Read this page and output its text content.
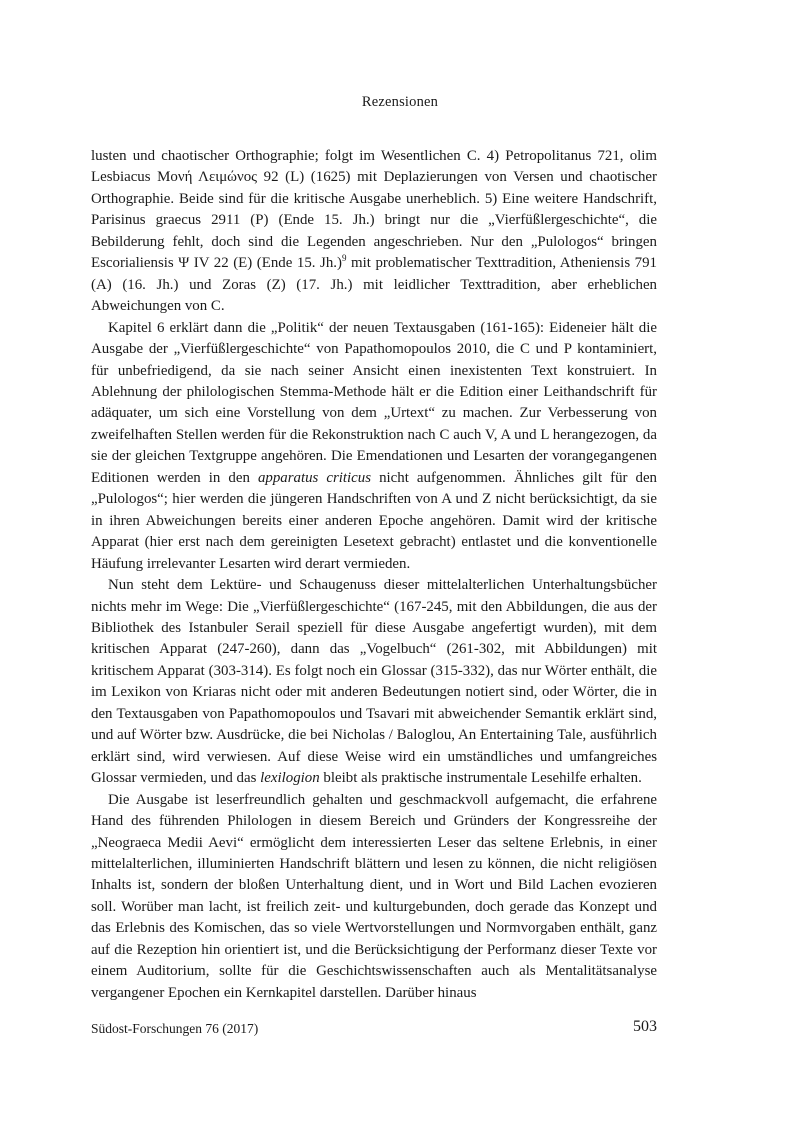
Rezensionen

lusten und chaotischer Orthographie; folgt im Wesentlichen C. 4) Petropolitanus 721, olim Lesbiacus Μονή Λειμώνος 92 (L) (1625) mit Deplazierungen von Versen und chaotischer Orthographie. Beide sind für die kritische Ausgabe unerheblich. 5) Eine weitere Handschrift, Parisinus graecus 2911 (P) (Ende 15. Jh.) bringt nur die „Vierfüßlergeschichte“, die Bebilderung fehlt, doch sind die Legenden angeschrieben. Nur den „Pulologos“ bringen Escorialiensis Ψ IV 22 (E) (Ende 15. Jh.)$^9$ mit problematischer Texttradition, Atheniensis 791 (A) (16. Jh.) und Zoras (Z) (17. Jh.) mit leidlicher Texttradition, aber erheblichen Abweichungen von C.

Kapitel 6 erklärt dann die „Politik“ der neuen Textausgaben (161-165): Eideneier hält die Ausgabe der „Vierfüßlergeschichte“ von Papathomopoulos 2010, die C und P kontaminiert, für unbefriedigend, da sie nach seiner Ansicht einen inexistenten Text konstruiert. In Ablehnung der philologischen Stemma-Methode hält er die Edition einer Leithandschrift für adäquater, um sich eine Vorstellung von dem „Urtext“ zu machen. Zur Verbesserung von zweifelhaften Stellen werden für die Rekonstruktion nach C auch V, A und L herangezogen, da sie der gleichen Textgruppe angehören. Die Emendationen und Lesarten der vorangegangenen Editionen werden in den apparatus criticus nicht aufgenommen. Ähnliches gilt für den „Pulologos“; hier werden die jüngeren Handschriften von A und Z nicht berücksichtigt, da sie in ihren Abweichungen bereits einer anderen Epoche angehören. Damit wird der kritische Apparat (hier erst nach dem gereinigten Lesetext gebracht) entlastet und die konventionelle Häufung irrelevanter Lesarten wird derart vermieden.

Nun steht dem Lektüre- und Schaugenuss dieser mittelalterlichen Unterhaltungsbücher nichts mehr im Wege: Die „Vierfüßlergeschichte“ (167-245, mit den Abbildungen, die aus der Bibliothek des Istanbuler Serail speziell für diese Ausgabe angefertigt wurden), mit dem kritischen Apparat (247-260), dann das „Vogelbuch“ (261-302, mit Abbildungen) mit kritischem Apparat (303-314). Es folgt noch ein Glossar (315-332), das nur Wörter enthält, die im Lexikon von Kriaras nicht oder mit anderen Bedeutungen notiert sind, oder Wörter, die in den Textausgaben von Papathomopoulos und Tsavari mit abweichender Semantik erklärt sind, und auf Wörter bzw. Ausdrücke, die bei Nicholas / Baloglou, An Entertaining Tale, ausführlich erklärt sind, wird verwiesen. Auf diese Weise wird ein umständliches und umfangreiches Glossar vermieden, und das lexilogion bleibt als praktische instrumentale Lesehilfe erhalten.

Die Ausgabe ist leserfreundlich gehalten und geschmackvoll aufgemacht, die erfahrene Hand des führenden Philologen in diesem Bereich und Gründers der Kongressreihe der „Neograeca Medii Aevi“ ermöglicht dem interessierten Leser das seltene Erlebnis, in einer mittelalterlichen, illuminierten Handschrift blättern und lesen zu können, die nicht religiösen Inhalts ist, sondern der bloßen Unterhaltung dient, und in Wort und Bild Lachen evozieren soll. Worüber man lacht, ist freilich zeit- und kulturgebunden, doch gerade das Konzept und das Erlebnis des Komischen, das so viele Wertvorstellungen und Normvorgaben enthält, ganz auf die Rezeption hin orientiert ist, und die Berücksichtigung der Performanz dieser Texte vor einem Auditorium, sollte für die Geschichtswissenschaften auch als Mentalitätsanalyse vergangener Epochen ein Kernkapitel darstellen. Darüber hinaus

Südost-Forschungen 76 (2017)	503
